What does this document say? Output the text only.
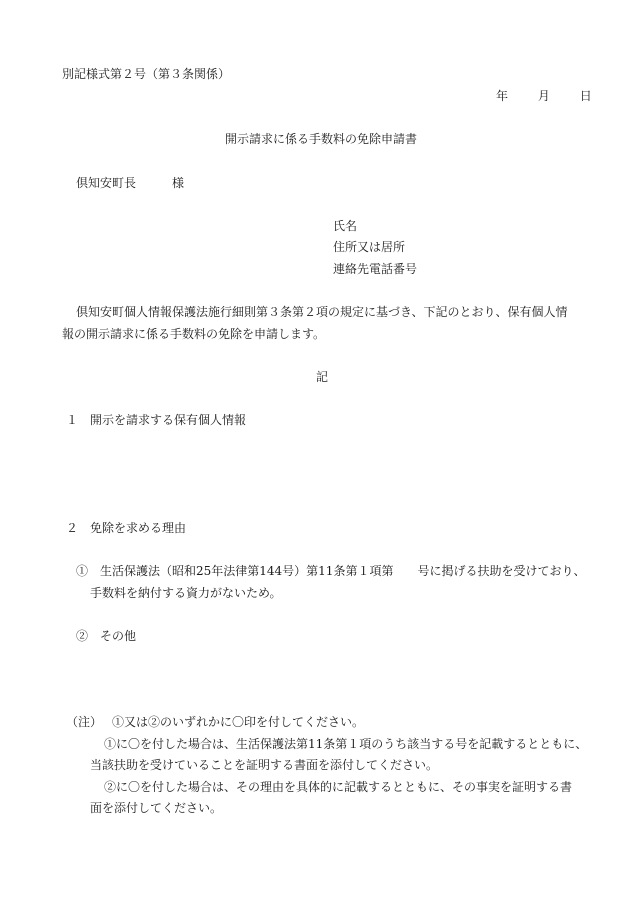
別記様式第２号（第３条関係）
年 月 日
開示請求に係る手数料の免除申請書
倶知安町長	様
氏名
住所又は居所
連絡先電話番号
倶知安町個人情報保護法施行細則第３条第２項の規定に基づき、下記のとおり、保有個人情
報の開示請求に係る手数料の免除を申請します。
記
１　開示を請求する保有個人情報
２　免除を求める理由
①　生活保護法（昭和25年法律第144号）第11条第１項第　　号に掲げる扶助を受けており、
手数料を納付する資力がないため。
②　その他
（注） ①又は②のいずれかに〇印を付してください。
①に〇を付した場合は、生活保護法第11条第１項のうち該当する号を記載するとともに、
当該扶助を受けていることを証明する書面を添付してください。
②に〇を付した場合は、その理由を具体的に記載するとともに、その事実を証明する書
面を添付してください。
